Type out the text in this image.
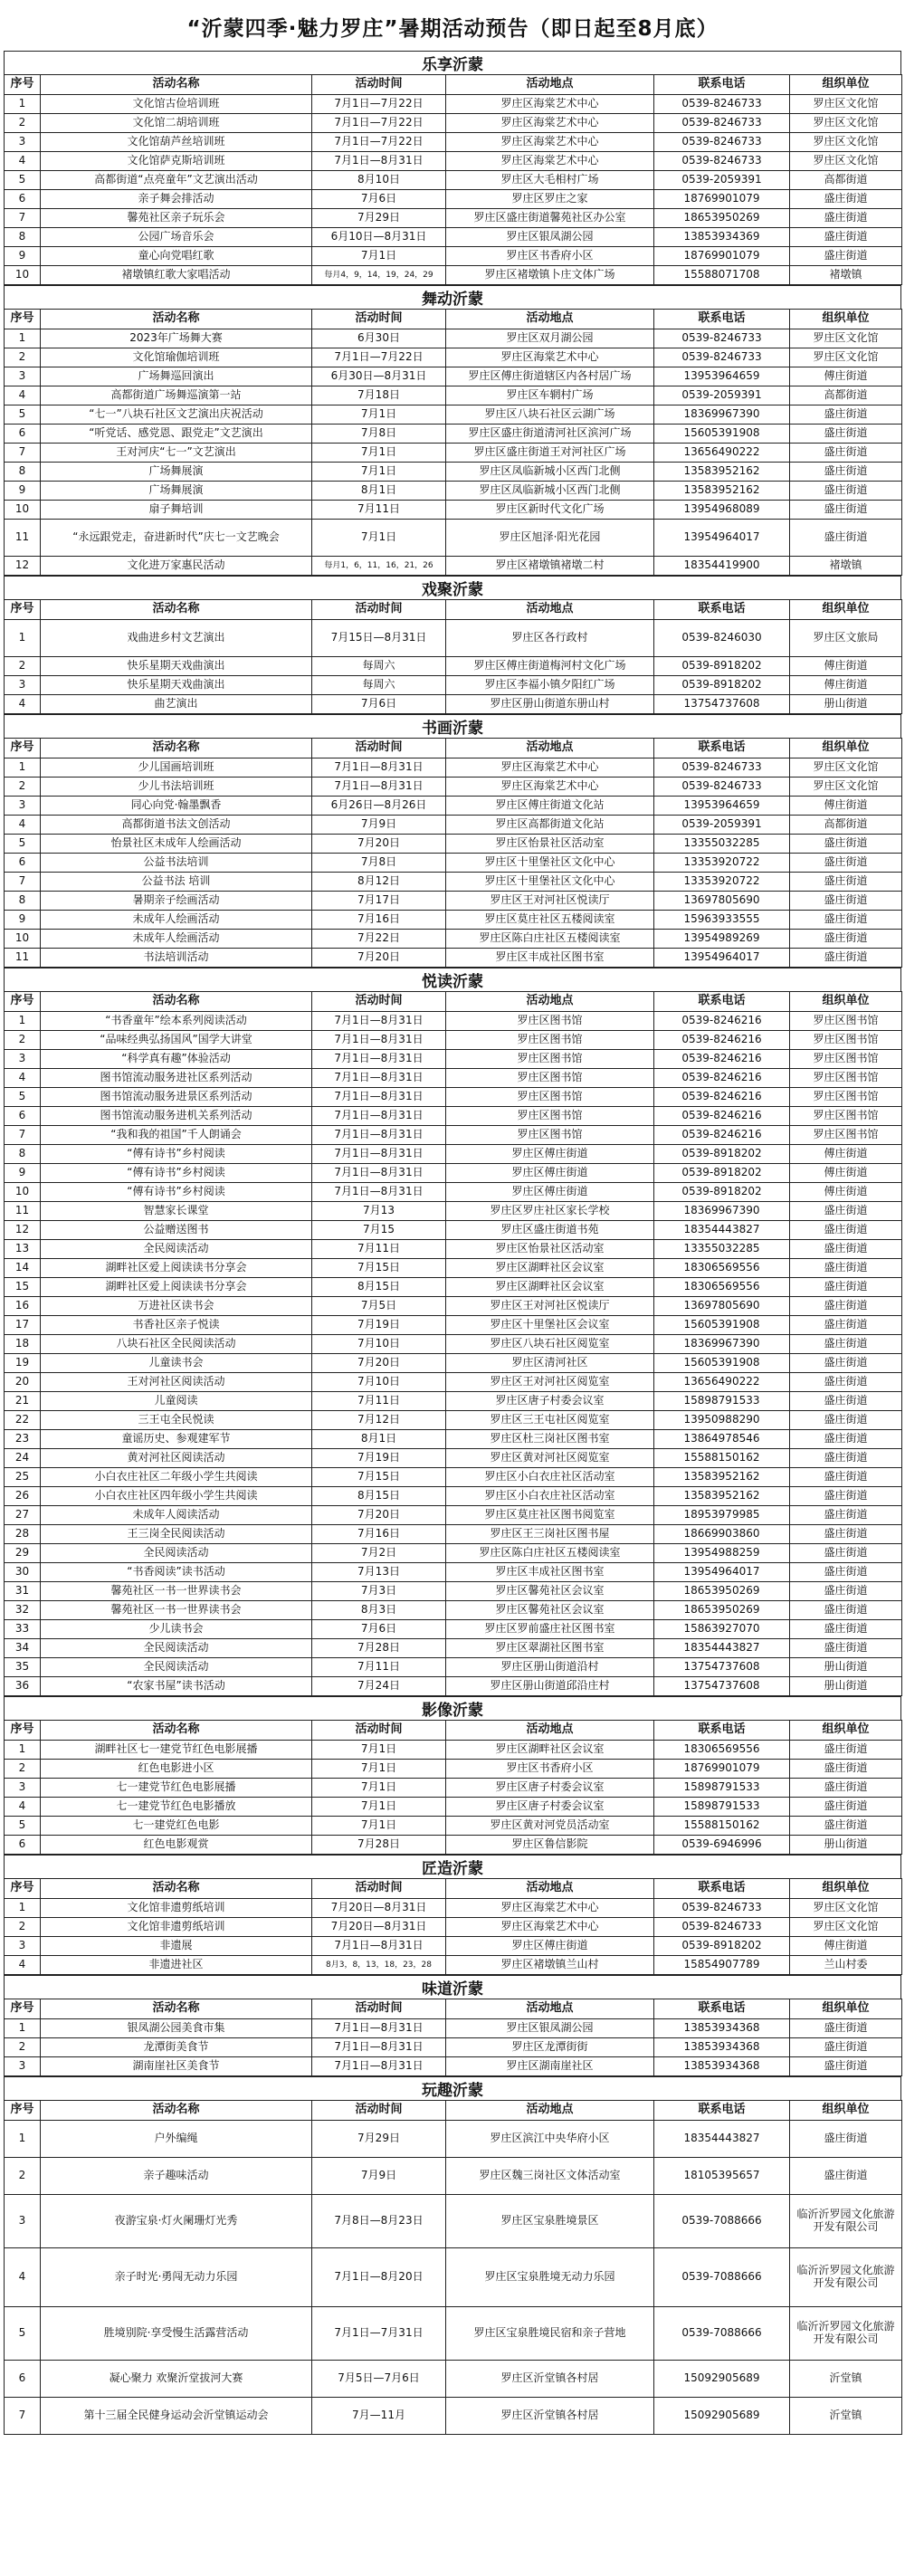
“沂蒙四季·魅力罗庄”暑期活动预告（即日起至8月底）
乐享沂蒙
序号	活动名称	活动时间	活动地点	联系电话	组织单位
1	文化馆古俭培训班	7月1日—7月22日	罗庄区海棠艺术中心	0539-8246733	罗庄区文化馆
2	文化馆二胡培训班	7月1日—7月22日	罗庄区海棠艺术中心	0539-8246733	罗庄区文化馆
3	文化馆葫芦丝培训班	7月1日—7月22日	罗庄区海棠艺术中心	0539-8246733	罗庄区文化馆
4	文化馆萨克斯培训班	7月1日—8月31日	罗庄区海棠艺术中心	0539-8246733	罗庄区文化馆
5	高都街道“点亮童年”文艺演出活动	8月10日	罗庄区大毛相村广场	0539-2059391	高都街道
6	亲子舞会排活动	7月6日	罗庄区罗庄之家	18769901079	盛庄街道
7	馨苑社区亲子玩乐会	7月29日	罗庄区盛庄街道馨苑社区办公室	18653950269	盛庄街道
8	公园广场音乐会	6月10日—8月31日	罗庄区银凤湖公园	13853934369	盛庄街道
9	童心向党唱红歌	7月1日	罗庄区书香府小区	18769901079	盛庄街道
10	褚墩镇红歌大家唱活动	每月4，9，14，19，24，29	罗庄区褚墩镇卜庄文体广场	15588071708	褚墩镇
舞动沂蒙
序号	活动名称	活动时间	活动地点	联系电话	组织单位
1	2023年广场舞大赛	6月30日	罗庄区双月湖公园	0539-8246733	罗庄区文化馆
2	文化馆瑜伽培训班	7月1日—7月22日	罗庄区海棠艺术中心	0539-8246733	罗庄区文化馆
3	广场舞巡回演出	6月30日—8月31日	罗庄区傅庄街道辖区内各村居广场	13953964659	傅庄街道
4	高都街道广场舞巡演第一站	7月18日	罗庄区车辋村广场	0539-2059391	高都街道
5	“七一”八块石社区文艺演出庆祝活动	7月1日	罗庄区八块石社区云湖广场	18369967390	盛庄街道
6	“听党话、感党恩、跟党走”文艺演出	7月8日	罗庄区盛庄街道清河社区滨河广场	15605391908	盛庄街道
7	王对河庆“七一”文艺演出	7月1日	罗庄区盛庄街道王对河社区广场	13656490222	盛庄街道
8	广场舞展演	7月1日	罗庄区凤临新城小区西门北侧	13583952162	盛庄街道
9	广场舞展演	8月1日	罗庄区凤临新城小区西门北侧	13583952162	盛庄街道
10	扇子舞培训	7月11日	罗庄区新时代文化广场	13954968089	盛庄街道
11	“永远跟党走，奋进新时代”庆七一文艺晚会	7月1日	罗庄区旭泽·阳光花园	13954964017	盛庄街道
12	文化进万家惠民活动	每月1，6，11，16，21，26	罗庄区褚墩镇褚墩二村	18354419900	褚墩镇
戏聚沂蒙
序号	活动名称	活动时间	活动地点	联系电话	组织单位
1	戏曲进乡村文艺演出	7月15日—8月31日	罗庄区各行政村	0539-8246030	罗庄区文旅局
2	快乐星期天戏曲演出	每周六	罗庄区傅庄街道梅河村文化广场	0539-8918202	傅庄街道
3	快乐星期天戏曲演出	每周六	罗庄区李福小镇夕阳红广场	0539-8918202	傅庄街道
4	曲艺演出	7月6日	罗庄区册山街道东册山村	13754737608	册山街道
书画沂蒙
序号	活动名称	活动时间	活动地点	联系电话	组织单位
1	少儿国画培训班	7月1日—8月31日	罗庄区海棠艺术中心	0539-8246733	罗庄区文化馆
2	少儿书法培训班	7月1日—8月31日	罗庄区海棠艺术中心	0539-8246733	罗庄区文化馆
3	同心向党·翰墨飘香	6月26日—8月26日	罗庄区傅庄街道文化站	13953964659	傅庄街道
4	高都街道书法文创活动	7月9日	罗庄区高都街道文化站	0539-2059391	高都街道
5	怡景社区未成年人绘画活动	7月20日	罗庄区怡景社区活动室	13355032285	盛庄街道
6	公益书法培训	7月8日	罗庄区十里堡社区文化中心	13353920722	盛庄街道
7	公益书法 培训	8月12日	罗庄区十里堡社区文化中心	13353920722	盛庄街道
8	暑期亲子绘画活动	7月17日	罗庄区王对河社区悦读厅	13697805690	盛庄街道
9	未成年人绘画活动	7月16日	罗庄区莫庄社区五楼阅读室	15963933555	盛庄街道
10	未成年人绘画活动	7月22日	罗庄区陈白庄社区五楼阅读室	13954989269	盛庄街道
11	书法培训活动	7月20日	罗庄区丰成社区图书室	13954964017	盛庄街道
悦读沂蒙
序号	活动名称	活动时间	活动地点	联系电话	组织单位
1	“书香童年”绘本系列阅读活动	7月1日—8月31日	罗庄区图书馆	0539-8246216	罗庄区图书馆
2	“品味经典弘扬国风”国学大讲堂	7月1日—8月31日	罗庄区图书馆	0539-8246216	罗庄区图书馆
3	“科学真有趣”体验活动	7月1日—8月31日	罗庄区图书馆	0539-8246216	罗庄区图书馆
4	图书馆流动服务进社区系列活动	7月1日—8月31日	罗庄区图书馆	0539-8246216	罗庄区图书馆
5	图书馆流动服务进景区系列活动	7月1日—8月31日	罗庄区图书馆	0539-8246216	罗庄区图书馆
6	图书馆流动服务进机关系列活动	7月1日—8月31日	罗庄区图书馆	0539-8246216	罗庄区图书馆
7	“我和我的祖国”千人朗诵会	7月1日—8月31日	罗庄区图书馆	0539-8246216	罗庄区图书馆
8	“傅有诗书”乡村阅读	7月1日—8月31日	罗庄区傅庄街道	0539-8918202	傅庄街道
9	“傅有诗书”乡村阅读	7月1日—8月31日	罗庄区傅庄街道	0539-8918202	傅庄街道
10	“傅有诗书”乡村阅读	7月1日—8月31日	罗庄区傅庄街道	0539-8918202	傅庄街道
11	智慧家长课堂	7月13	罗庄区罗庄社区家长学校	18369967390	盛庄街道
12	公益赠送图书	7月15	罗庄区盛庄街道书苑	18354443827	盛庄街道
13	全民阅读活动	7月11日	罗庄区怡景社区活动室	13355032285	盛庄街道
14	湖畔社区爱上阅读读书分享会	7月15日	罗庄区湖畔社区会议室	18306569556	盛庄街道
15	湖畔社区爱上阅读读书分享会	8月15日	罗庄区湖畔社区会议室	18306569556	盛庄街道
16	万进社区读书会	7月5日	罗庄区王对河社区悦读厅	13697805690	盛庄街道
17	书香社区亲子悦读	7月19日	罗庄区十里堡社区会议室	15605391908	盛庄街道
18	八块石社区全民阅读活动	7月10日	罗庄区八块石社区阅览室	18369967390	盛庄街道
19	儿童读书会	7月20日	罗庄区清河社区	15605391908	盛庄街道
20	王对河社区阅读活动	7月10日	罗庄区王对河社区阅览室	13656490222	盛庄街道
21	儿童阅读	7月11日	罗庄区唐子村委会议室	15898791533	盛庄街道
22	三王屯全民悦读	7月12日	罗庄区三王屯社区阅览室	13950988290	盛庄街道
23	童谣历史、参观建军节	8月1日	罗庄区杜三岗社区图书室	13864978546	盛庄街道
24	黄对河社区阅读活动	7月19日	罗庄区黄对河社区阅览室	15588150162	盛庄街道
25	小白衣庄社区二年级小学生共阅读	7月15日	罗庄区小白衣庄社区活动室	13583952162	盛庄街道
26	小白衣庄社区四年级小学生共阅读	8月15日	罗庄区小白衣庄社区活动室	13583952162	盛庄街道
27	未成年人阅读活动	7月20日	罗庄区莫庄社区图书阅览室	18953979985	盛庄街道
28	王三岗全民阅读活动	7月16日	罗庄区王三岗社区图书屋	18669903860	盛庄街道
29	全民阅读活动	7月2日	罗庄区陈白庄社区五楼阅读室	13954988259	盛庄街道
30	“书香阅读”读书活动	7月13日	罗庄区丰成社区图书室	13954964017	盛庄街道
31	馨苑社区一书一世界读书会	7月3日	罗庄区馨苑社区会议室	18653950269	盛庄街道
32	馨苑社区一书一世界读书会	8月3日	罗庄区馨苑社区会议室	18653950269	盛庄街道
33	少儿读书会	7月6日	罗庄区罗前盛庄社区图书室	15863927070	盛庄街道
34	全民阅读活动	7月28日	罗庄区翠湖社区图书室	18354443827	盛庄街道
35	全民阅读活动	7月11日	罗庄区册山街道沿村	13754737608	册山街道
36	“农家书屋”读书活动	7月24日	罗庄区册山街道邱沿庄村	13754737608	册山街道
影像沂蒙
序号	活动名称	活动时间	活动地点	联系电话	组织单位
1	湖畔社区七一建党节红色电影展播	7月1日	罗庄区湖畔社区会议室	18306569556	盛庄街道
2	红色电影进小区	7月1日	罗庄区书香府小区	18769901079	盛庄街道
3	七一建党节红色电影展播	7月1日	罗庄区唐子村委会议室	15898791533	盛庄街道
4	七一建党节红色电影播放	7月1日	罗庄区唐子村委会议室	15898791533	盛庄街道
5	七一建党红色电影	7月1日	罗庄区黄对河党员活动室	15588150162	盛庄街道
6	红色电影观赏	7月28日	罗庄区鲁信影院	0539-6946996	册山街道
匠造沂蒙
序号	活动名称	活动时间	活动地点	联系电话	组织单位
1	文化馆非遗剪纸培训	7月20日—8月31日	罗庄区海棠艺术中心	0539-8246733	罗庄区文化馆
2	文化馆非遗剪纸培训	7月20日—8月31日	罗庄区海棠艺术中心	0539-8246733	罗庄区文化馆
3	非遗展	7月1日—8月31日	罗庄区傅庄街道	0539-8918202	傅庄街道
4	非遗进社区	8月3，8，13，18，23，28	罗庄区褚墩镇兰山村	15854907789	兰山村委
味道沂蒙
序号	活动名称	活动时间	活动地点	联系电话	组织单位
1	银凤湖公园美食市集	7月1日—8月31日	罗庄区银凤湖公园	13853934368	盛庄街道
2	龙潭街美食节	7月1日—8月31日	罗庄区龙潭街街	13853934368	盛庄街道
3	湖南崖社区美食节	7月1日—8月31日	罗庄区湖南崖社区	13853934368	盛庄街道
玩趣沂蒙
序号	活动名称	活动时间	活动地点	联系电话	组织单位
1	户外编绳	7月29日	罗庄区滨江中央华府小区	18354443827	盛庄街道
2	亲子趣味活动	7月9日	罗庄区魏三岗社区文体活动室	18105395657	盛庄街道
3	夜游宝泉·灯火阑珊灯光秀	7月8日—8月23日	罗庄区宝泉胜境景区	0539-7088666	临沂沂罗园文化旅游开发有限公司
4	亲子时光·勇闯无动力乐园	7月1日—8月20日	罗庄区宝泉胜境无动力乐园	0539-7088666	临沂沂罗园文化旅游开发有限公司
5	胜境别院·享受慢生活露营活动	7月1日—7月31日	罗庄区宝泉胜境民宿和亲子营地	0539-7088666	临沂沂罗园文化旅游开发有限公司
6	凝心聚力 欢聚沂堂拔河大赛	7月5日—7月6日	罗庄区沂堂镇各村居	15092905689	沂堂镇
7	第十三届全民健身运动会沂堂镇运动会	7月—11月	罗庄区沂堂镇各村居	15092905689	沂堂镇
